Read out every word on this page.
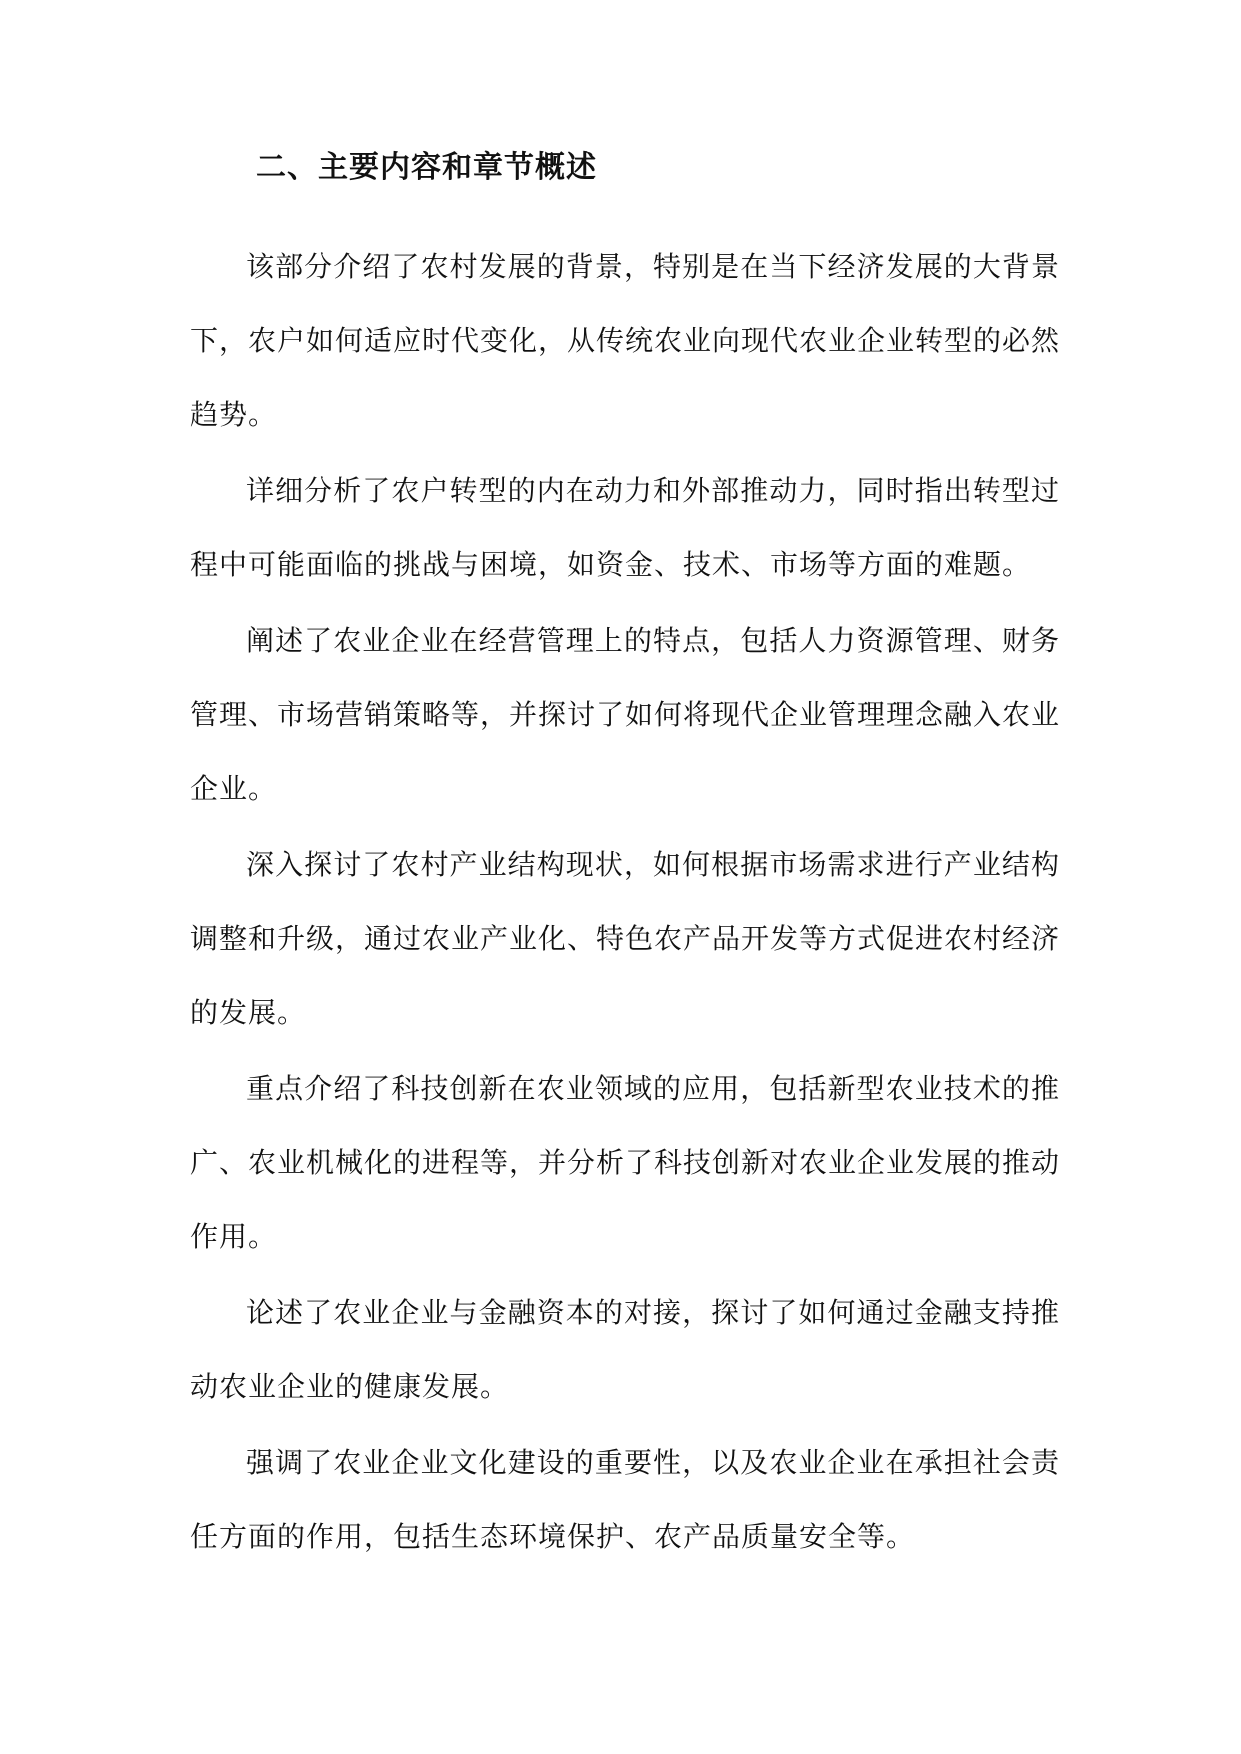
二、主要内容和章节概述

该部分介绍了农村发展的背景，特别是在当下经济发展的大背景下，农户如何适应时代变化，从传统农业向现代农业企业转型的必然趋势。

详细分析了农户转型的内在动力和外部推动力，同时指出转型过程中可能面临的挑战与困境，如资金、技术、市场等方面的难题。

阐述了农业企业在经营管理上的特点，包括人力资源管理、财务管理、市场营销策略等，并探讨了如何将现代企业管理理念融入农业企业。

深入探讨了农村产业结构现状，如何根据市场需求进行产业结构调整和升级，通过农业产业化、特色农产品开发等方式促进农村经济的发展。

重点介绍了科技创新在农业领域的应用，包括新型农业技术的推广、农业机械化的进程等，并分析了科技创新对农业企业发展的推动作用。

论述了农业企业与金融资本的对接，探讨了如何通过金融支持推动农业企业的健康发展。

强调了农业企业文化建设的重要性，以及农业企业在承担社会责任方面的作用，包括生态环境保护、农产品质量安全等。
